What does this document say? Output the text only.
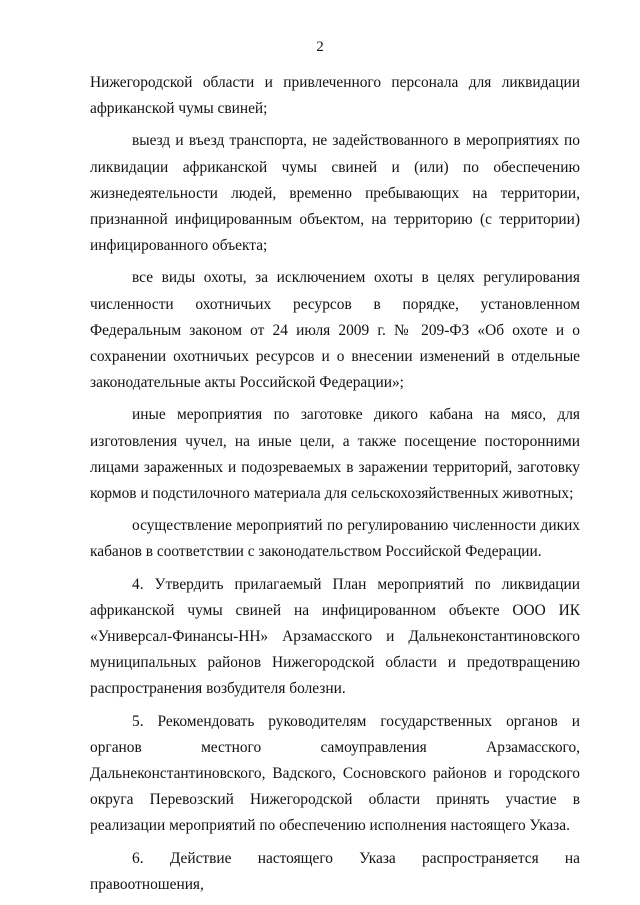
2

Нижегородской области и привлеченного персонала для ликвидации африканской чумы свиней;

выезд и въезд транспорта, не задействованного в мероприятиях по ликвидации африканской чумы свиней и (или) по обеспечению жизнедеятельности людей, временно пребывающих на территории, признанной инфицированным объектом, на территорию (с территории) инфицированного объекта;

все виды охоты, за исключением охоты в целях регулирования численности охотничьих ресурсов в порядке, установленном Федеральным законом от 24 июля 2009 г. № 209-ФЗ «Об охоте и о сохранении охотничьих ресурсов и о внесении изменений в отдельные законодательные акты Российской Федерации»;

иные мероприятия по заготовке дикого кабана на мясо, для изготовления чучел, на иные цели, а также посещение посторонними лицами зараженных и подозреваемых в заражении территорий, заготовку кормов и подстилочного материала для сельскохозяйственных животных;

осуществление мероприятий по регулированию численности диких кабанов в соответствии с законодательством Российской Федерации.

4. Утвердить прилагаемый План мероприятий по ликвидации африканской чумы свиней на инфицированном объекте ООО ИК «Универсал-Финансы-НН» Арзамасского и Дальнеконстантиновского муниципальных районов Нижегородской области и предотвращению распространения возбудителя болезни.

5. Рекомендовать руководителям государственных органов и органов местного самоуправления Арзамасского, Дальнеконстантиновского, Вадского, Сосновского районов и городского округа Перевозский Нижегородской области принять участие в реализации мероприятий по обеспечению исполнения настоящего Указа.

6. Действие настоящего Указа распространяется на правоотношения,
